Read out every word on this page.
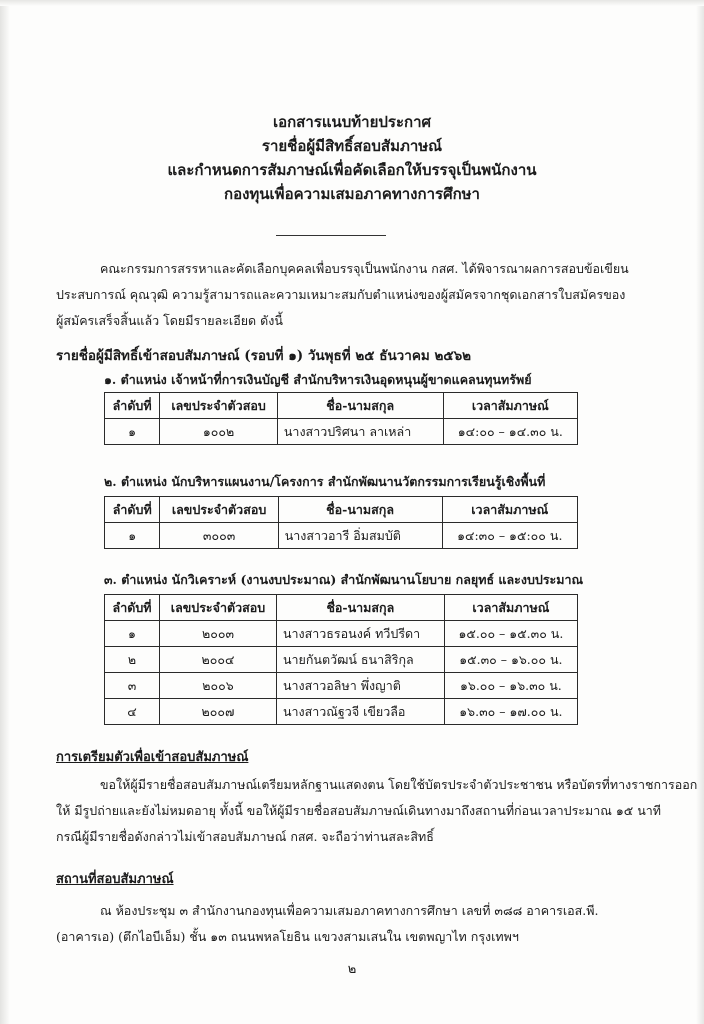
เอกสารแนบท้ายประกาศ
รายชื่อผู้มีสิทธิ์สอบสัมภาษณ์
และกำหนดการสัมภาษณ์เพื่อคัดเลือกให้บรรจุเป็นพนักงาน
กองทุนเพื่อความเสมอภาคทางการศึกษา
คณะกรรมการสรรหาและคัดเลือกบุคคลเพื่อบรรจุเป็นพนักงาน กสศ. ได้พิจารณาผลการสอบข้อเขียน
ประสบการณ์ คุณวุฒิ ความรู้สามารถและความเหมาะสมกับตำแหน่งของผู้สมัครจากชุดเอกสารใบสมัครของ
ผู้สมัครเสร็จสิ้นแล้ว โดยมีรายละเอียด ดังนี้
รายชื่อผู้มีสิทธิ์เข้าสอบสัมภาษณ์ (รอบที่ ๑) วันพุธที่ ๒๕ ธันวาคม ๒๕๖๒
๑. ตำแหน่ง เจ้าหน้าที่การเงินบัญชี สำนักบริหารเงินอุดหนุนผู้ขาดแคลนทุนทรัพย์
ลำดับที่	เลขประจำตัวสอบ	ชื่อ-นามสกุล	เวลาสัมภาษณ์
๑	๑๐๐๒	นางสาวปริศนา ลาเหล่า	๑๔:๐๐ – ๑๔.๓๐ น.
๒. ตำแหน่ง นักบริหารแผนงาน/โครงการ สำนักพัฒนานวัตกรรมการเรียนรู้เชิงพื้นที่
ลำดับที่	เลขประจำตัวสอบ	ชื่อ-นามสกุล	เวลาสัมภาษณ์
๑	๓๐๐๓	นางสาวอารี อิ่มสมบัติ	๑๔:๓๐ – ๑๕:๐๐ น.
๓. ตำแหน่ง นักวิเคราะห์ (งานงบประมาณ) สำนักพัฒนานโยบาย กลยุทธ์ และงบประมาณ
ลำดับที่	เลขประจำตัวสอบ	ชื่อ-นามสกุล	เวลาสัมภาษณ์
๑	๒๐๐๓	นางสาวธรอนงค์ ทวีปรีดา	๑๕.๐๐ – ๑๕.๓๐ น.
๒	๒๐๐๔	นายกันตวัฒน์ ธนาสิริกุล	๑๕.๓๐ – ๑๖.๐๐ น.
๓	๒๐๐๖	นางสาวอลิษา พึ่งญาติ	๑๖.๐๐ – ๑๖.๓๐ น.
๔	๒๐๐๗	นางสาวณัฐวจี เขียวลือ	๑๖.๓๐ – ๑๗.๐๐ น.
การเตรียมตัวเพื่อเข้าสอบสัมภาษณ์
ขอให้ผู้มีรายชื่อสอบสัมภาษณ์เตรียมหลักฐานแสดงตน โดยใช้บัตรประจำตัวประชาชน หรือบัตรที่ทางราชการออก
ให้ มีรูปถ่ายและยังไม่หมดอายุ ทั้งนี้ ขอให้ผู้มีรายชื่อสอบสัมภาษณ์เดินทางมาถึงสถานที่ก่อนเวลาประมาณ ๑๕ นาที
กรณีผู้มีรายชื่อดังกล่าวไม่เข้าสอบสัมภาษณ์ กสศ. จะถือว่าท่านสละสิทธิ์
สถานที่สอบสัมภาษณ์
ณ ห้องประชุม ๓ สำนักงานกองทุนเพื่อความเสมอภาคทางการศึกษา เลขที่ ๓๘๘ อาคารเอส.พี.
(อาคารเอ) (ตึกไอบีเอ็ม) ชั้น ๑๓ ถนนพหลโยธิน แขวงสามเสนใน เขตพญาไท กรุงเทพฯ
๒
